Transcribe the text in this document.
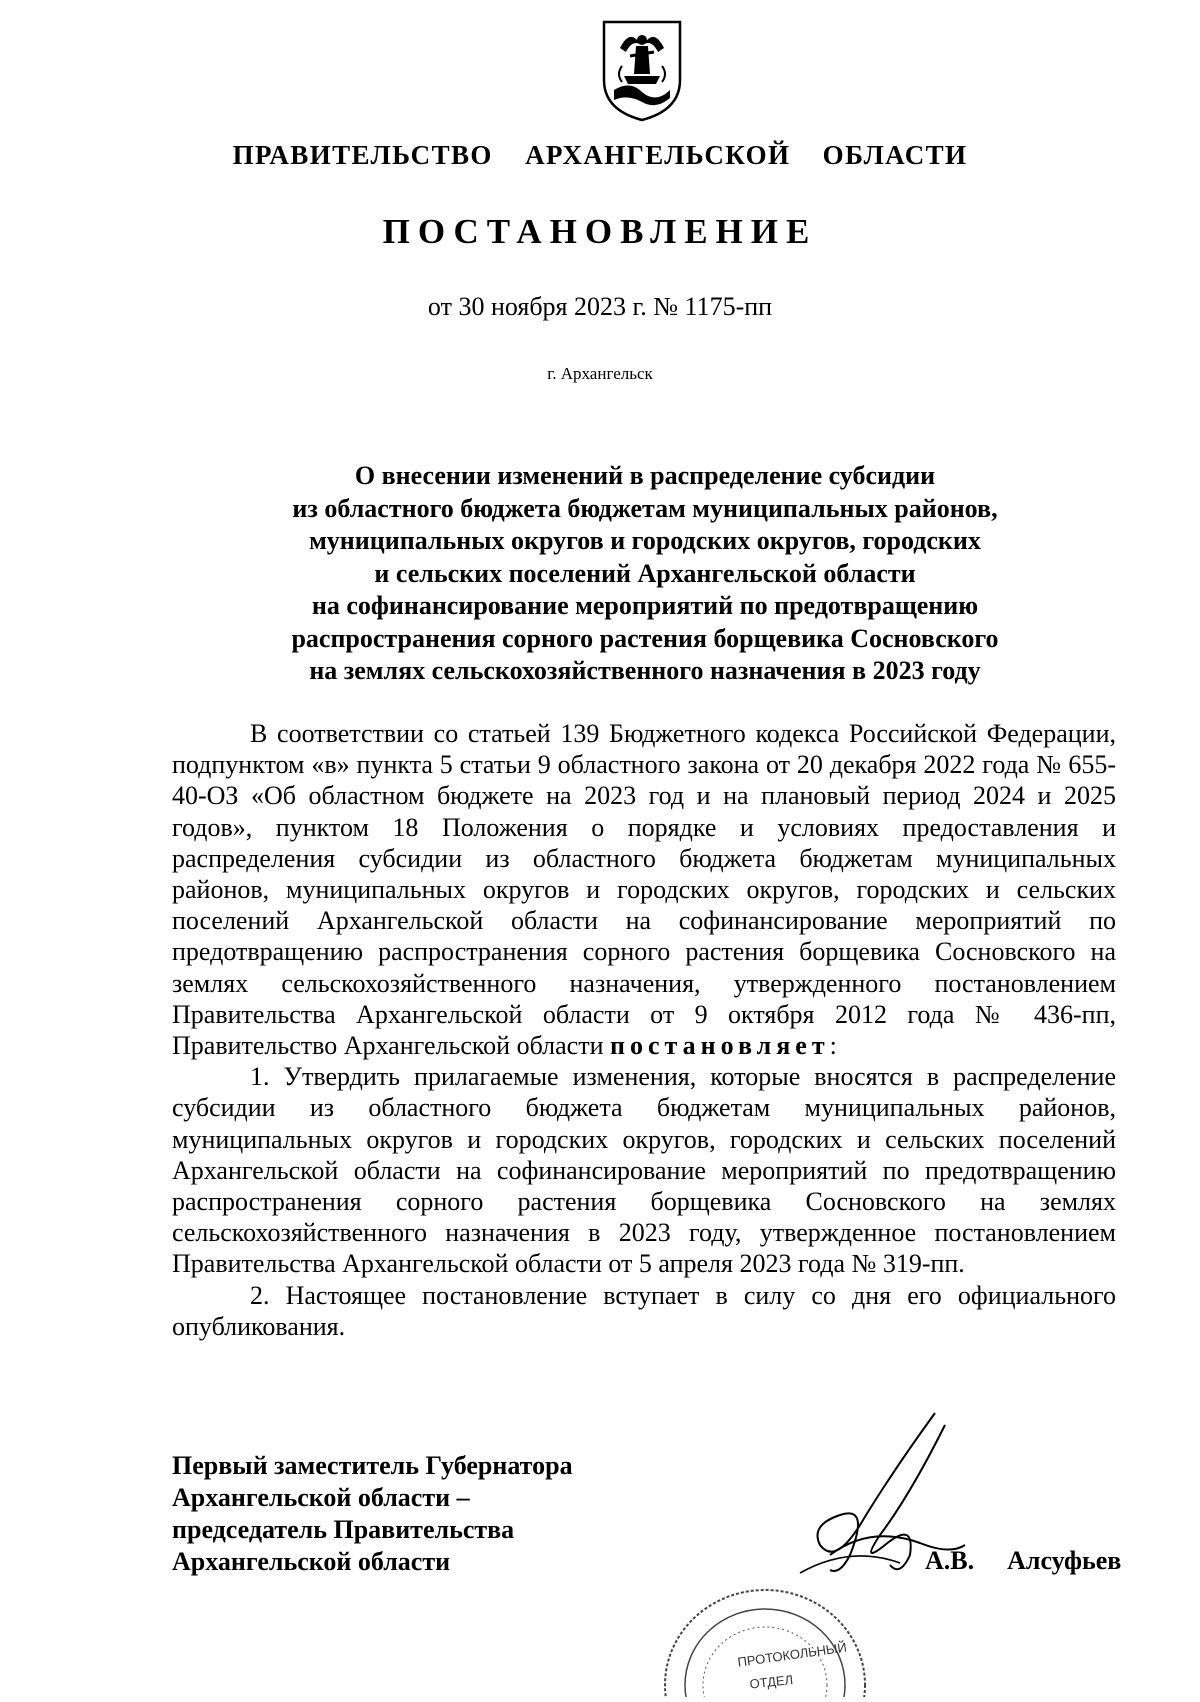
ПРАВИТЕЛЬСТВО  АРХАНГЕЛЬСКОЙ  ОБЛАСТИ
ПОСТАНОВЛЕНИЕ
от 30 ноября 2023 г. № 1175-пп
г. Архангельск
О внесении изменений в распределение субсидии
из областного бюджета бюджетам муниципальных районов,
муниципальных округов и городских округов, городских
и сельских поселений Архангельской области
на софинансирование мероприятий по предотвращению
распространения сорного растения борщевика Сосновского
на землях сельскохозяйственного назначения в 2023 году

В соответствии со статьей 139 Бюджетного кодекса Российской Федерации, подпунктом «в» пункта 5 статьи 9 областного закона от 20 декабря 2022 года № 655-40-ОЗ «Об областном бюджете на 2023 год и на плановый период 2024 и 2025 годов», пунктом 18 Положения о порядке и условиях предоставления и распределения субсидии из областного бюджета бюджетам муниципальных районов, муниципальных округов и городских округов, городских и сельских поселений Архангельской области на софинансирование мероприятий по предотвращению распространения сорного растения борщевика Сосновского на землях сельскохозяйственного назначения, утвержденного постановлением Правительства Архангельской области от 9 октября 2012 года № 436-пп, Правительство Архангельской области постановляет:

1. Утвердить прилагаемые изменения, которые вносятся в распределение субсидии из областного бюджета бюджетам муниципальных районов, муниципальных округов и городских округов, городских и сельских поселений Архангельской области на софинансирование мероприятий по предотвращению распространения сорного растения борщевика Сосновского на землях сельскохозяйственного назначения в 2023 году, утвержденное постановлением Правительства Архангельской области от 5 апреля 2023 года № 319-пп.

2. Настоящее постановление вступает в силу со дня его официального опубликования.

Первый заместитель Губернатора
Архангельской области –
председатель Правительства
Архангельской области	А.В.  Алсуфьев
ПРОТОКОЛЬНЫЙ
ОТДЕЛ
